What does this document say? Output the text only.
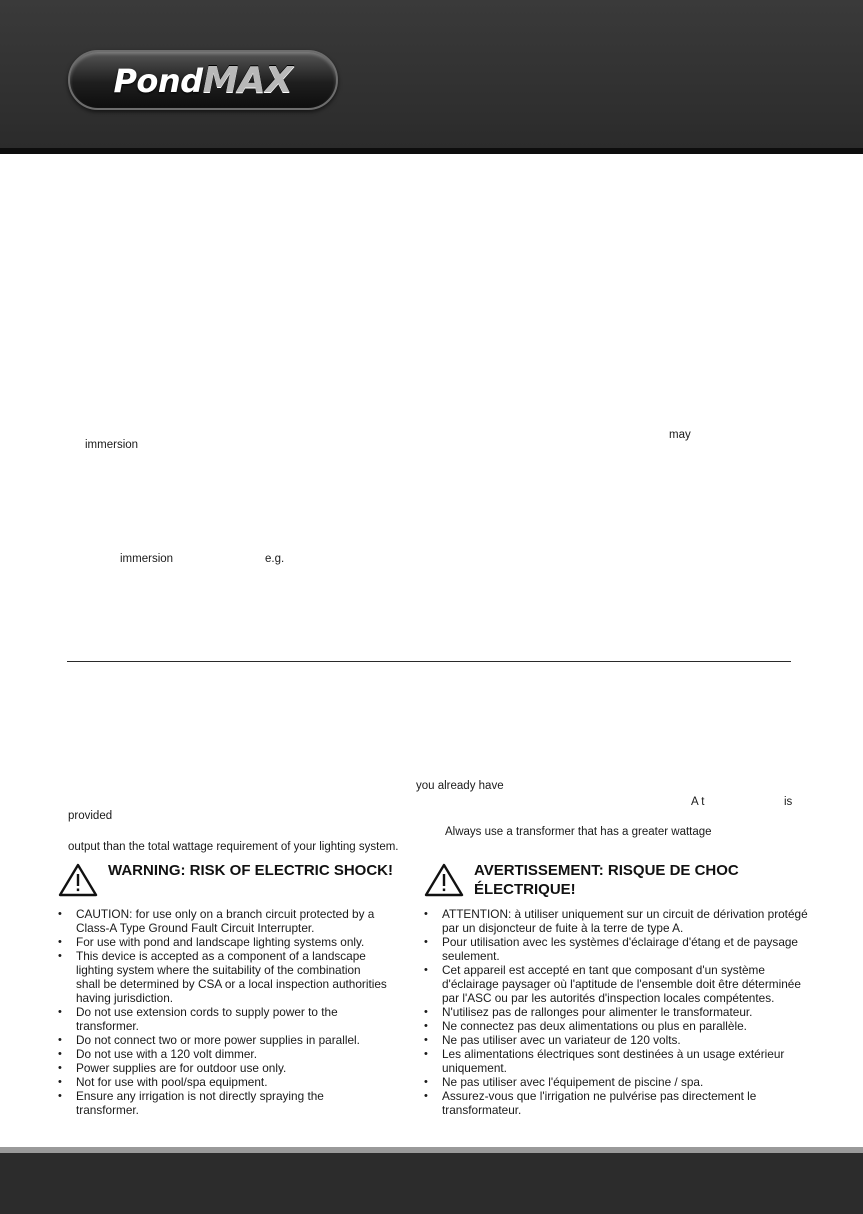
PondMAX
may
immersion
immersion	e.g.
you already have
A t	is
provided
Always use a transformer that has a greater wattage
output than the total wattage requirement of your lighting system.
WARNING: RISK OF ELECTRIC SHOCK!
• CAUTION: for use only on a branch circuit protected by a Class-A Type Ground Fault Circuit Interrupter.
• For use with pond and landscape lighting systems only.
• This device is accepted as a component of a landscape lighting system where the suitability of the combination shall be determined by CSA or a local inspection authorities having jurisdiction.
• Do not use extension cords to supply power to the transformer.
• Do not connect two or more power supplies in parallel.
• Do not use with a 120 volt dimmer.
• Power supplies are for outdoor use only.
• Not for use with pool/spa equipment.
• Ensure any irrigation is not directly spraying the transformer.
AVERTISSEMENT: RISQUE DE CHOC ÉLECTRIQUE!
• ATTENTION: à utiliser uniquement sur un circuit de dérivation protégé par un disjoncteur de fuite à la terre de type A.
• Pour utilisation avec les systèmes d'éclairage d'étang et de paysage seulement.
• Cet appareil est accepté en tant que composant d'un système d'éclairage paysager où l'aptitude de l'ensemble doit être déterminée par l'ASC ou par les autorités d'inspection locales compétentes.
• N'utilisez pas de rallonges pour alimenter le transformateur.
• Ne connectez pas deux alimentations ou plus en parallèle.
• Ne pas utiliser avec un variateur de 120 volts.
• Les alimentations électriques sont destinées à un usage extérieur uniquement.
• Ne pas utiliser avec l'équipement de piscine / spa.
• Assurez-vous que l'irrigation ne pulvérise pas directement le transformateur.
